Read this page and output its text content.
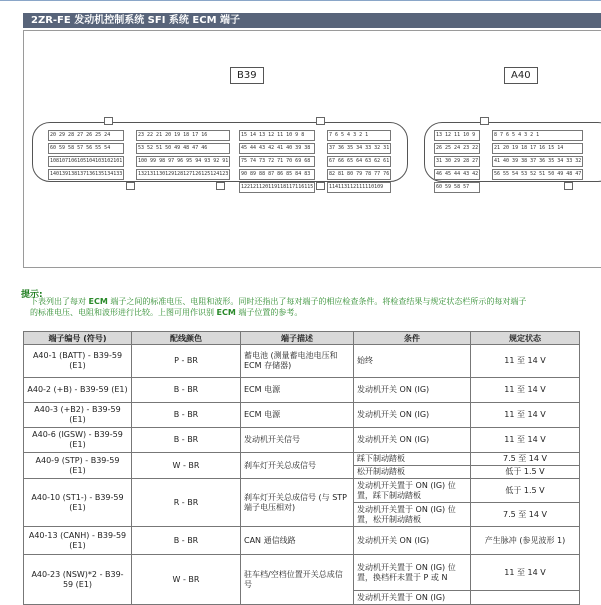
2ZR-FE 发动机控制系统 SFI 系统 ECM 端子
B39
20 29 28 27 26 25 24
60 59 58 57 56 55 54
108107106105104103102101
140139138137136135134133
23 22 21 20 19 18 17 16
53 52 51 50 49 48 47 46
100 99 98 97 96 95 94 93 92 91
132131130129128127126125124123
15 14 13 12 11 10 9 8
45 44 43 42 41 40 39 38
75 74 73 72 71 70 69 68
90 89 88 87 86 85 84 83
122121120119118117116115
7 6 5 4 3 2 1
37 36 35 34 33 32 31
67 66 65 64 63 62 61
82 81 80 79 78 77 76
114113112111110109
A40
13 12 11 10 9
26 25 24 23 22
31 30 29 28 27
46 45 44 43 42
60 59 58 57
8 7 6 5 4 3 2 1
21 20 19 18 17 16 15 14
41 40 39 38 37 36 35 34 33 32
56 55 54 53 52 51 50 49 48 47
提示:
下表列出了每对 ECM 端子之间的标准电压、电阻和波形。同时还指出了每对端子的相应检查条件。将检查结果与规定状态栏所示的每对端子
的标准电压、电阻和波形进行比较。上图可用作识别 ECM 端子位置的参考。
端子编号 (符号)	配线颜色	端子描述	条件	规定状态
A40-1 (BATT) - B39-59 (E1)	P - BR	蓄电池 (测量蓄电池电压和 ECM 存储器)	始终	11 至 14 V
A40-2 (+B) - B39-59 (E1)	B - BR	ECM 电源	发动机开关 ON (IG)	11 至 14 V
A40-3 (+B2) - B39-59 (E1)	B - BR	ECM 电源	发动机开关 ON (IG)	11 至 14 V
A40-6 (IGSW) - B39-59 (E1)	B - BR	发动机开关信号	发动机开关 ON (IG)	11 至 14 V
A40-9 (STP) - B39-59 (E1)	W - BR	刹车灯开关总成信号	踩下制动踏板	7.5 至 14 V
			松开制动踏板	低于 1.5 V
A40-10 (ST1-) - B39-59 (E1)	R - BR	刹车灯开关总成信号 (与 STP 端子电压相对)	发动机开关置于 ON (IG) 位置，踩下制动踏板	低于 1.5 V
			发动机开关置于 ON (IG) 位置，松开制动踏板	7.5 至 14 V
A40-13 (CANH) - B39-59 (E1)	B - BR	CAN 通信线路	发动机开关 ON (IG)	产生脉冲 (参见波形 1)
A40-23 (NSW)*2 - B39-59 (E1)	W - BR	驻车档/空档位置开关总成信号	发动机开关置于 ON (IG) 位置，换档杆未置于 P 或 N	11 至 14 V
			发动机开关置于 ON (IG)	
